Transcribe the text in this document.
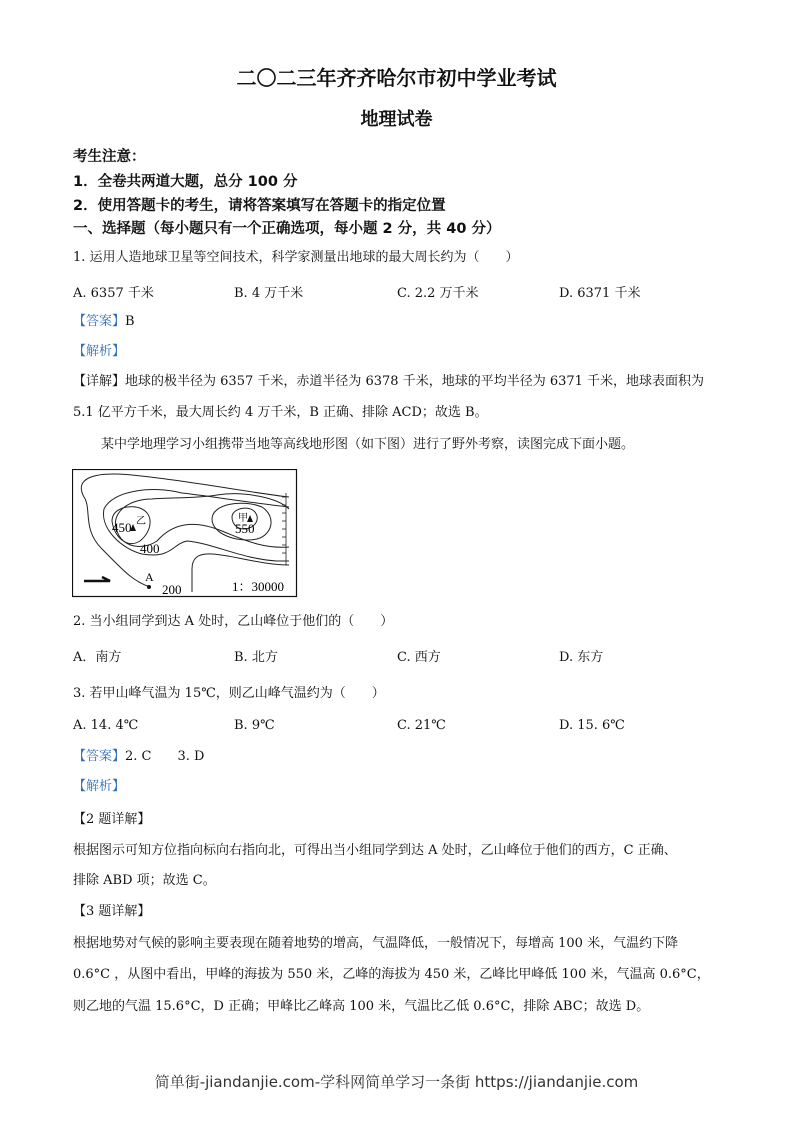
二〇二三年齐齐哈尔市初中学业考试
地理试卷
考生注意：
1．全卷共两道大题，总分 100 分
2．使用答题卡的考生，请将答案填写在答题卡的指定位置
一、选择题（每小题只有一个正确选项，每小题 2 分，共 40 分）
1. 运用人造地球卫星等空间技术，科学家测量出地球的最大周长约为（　　）
A. 6357 千米	B. 4 万千米	C. 2.2 万千米	D. 6371 千米
【答案】B
【解析】
【详解】地球的极半径为 6357 千米，赤道半径为 6378 千米，地球的平均半径为 6371 千米，地球表面积为
5.1 亿平方千米，最大周长约 4 万千米，B 正确、排除 ACD；故选 B。
某中学地理学习小组携带当地等高线地形图（如下图）进行了野外考察，读图完成下面小题。
450 乙
400
甲
550
A
200	1：30000
2. 当小组同学到达 A 处时，乙山峰位于他们的（　　）
A．南方	B. 北方	C. 西方	D. 东方
3. 若甲山峰气温为 15℃，则乙山峰气温约为（　　）
A. 14. 4℃	B. 9℃	C. 21℃	D. 15. 6℃
【答案】2. C　　3. D
【解析】
【2 题详解】
根据图示可知方位指向标向右指向北，可得出当小组同学到达 A 处时，乙山峰位于他们的西方，C 正确、
排除 ABD 项；故选 C。
【3 题详解】
根据地势对气候的影响主要表现在随着地势的增高，气温降低，一般情况下，每增高 100 米，气温约下降
0.6°C ，从图中看出，甲峰的海拔为 550 米，乙峰的海拔为 450 米，乙峰比甲峰低 100 米，气温高 0.6°C，
则乙地的气温 15.6°C，D 正确；甲峰比乙峰高 100 米，气温比乙低 0.6°C，排除 ABC；故选 D。
简单街-jiandanjie.com-学科网简单学习一条街 https://jiandanjie.com
